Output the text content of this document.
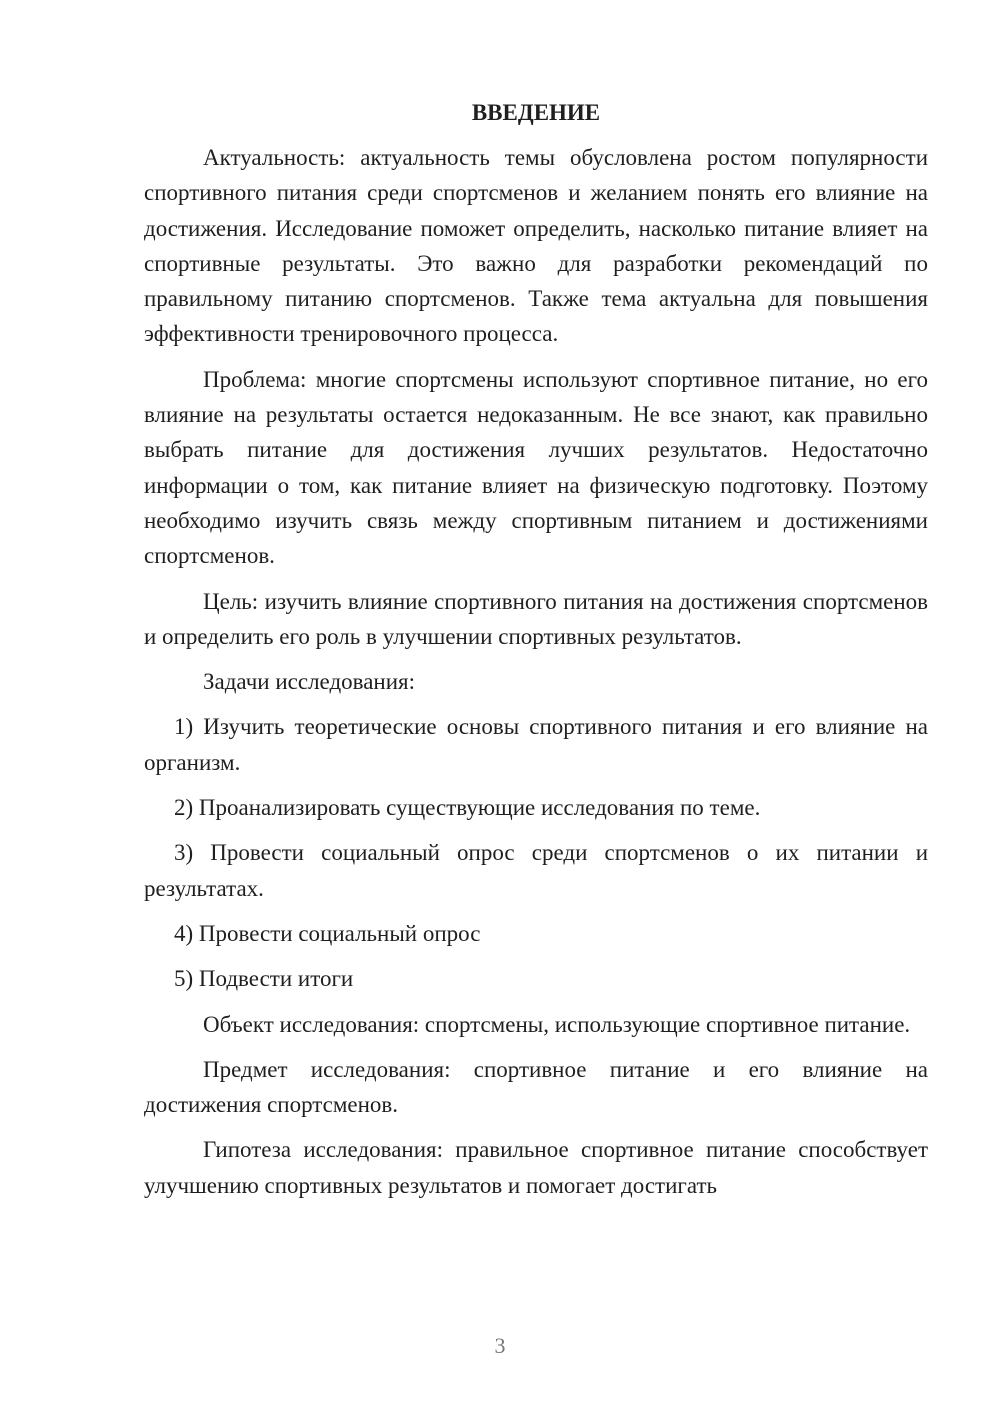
ВВЕДЕНИЕ

Актуальность: актуальность темы обусловлена ростом популярности спортивного питания среди спортсменов и желанием понять его влияние на достижения. Исследование поможет определить, насколько питание влияет на спортивные результаты. Это важно для разработки рекомендаций по правильному питанию спортсменов. Также тема актуальна для повышения эффективности тренировочного процесса.

Проблема: многие спортсмены используют спортивное питание, но его влияние на результаты остается недоказанным. Не все знают, как правильно выбрать питание для достижения лучших результатов. Недостаточно информации о том, как питание влияет на физическую подготовку. Поэтому необходимо изучить связь между спортивным питанием и достижениями спортсменов.

Цель: изучить влияние спортивного питания на достижения спортсменов и определить его роль в улучшении спортивных результатов.

Задачи исследования:

1) Изучить теоретические основы спортивного питания и его влияние на организм.

2) Проанализировать существующие исследования по теме.

3) Провести социальный опрос среди спортсменов о их питании и результатах.

4) Провести социальный опрос

5) Подвести итоги

Объект исследования: спортсмены, использующие спортивное питание.

Предмет исследования: спортивное питание и его влияние на достижения спортсменов.

Гипотеза исследования: правильное спортивное питание способствует улучшению спортивных результатов и помогает достигать

3
